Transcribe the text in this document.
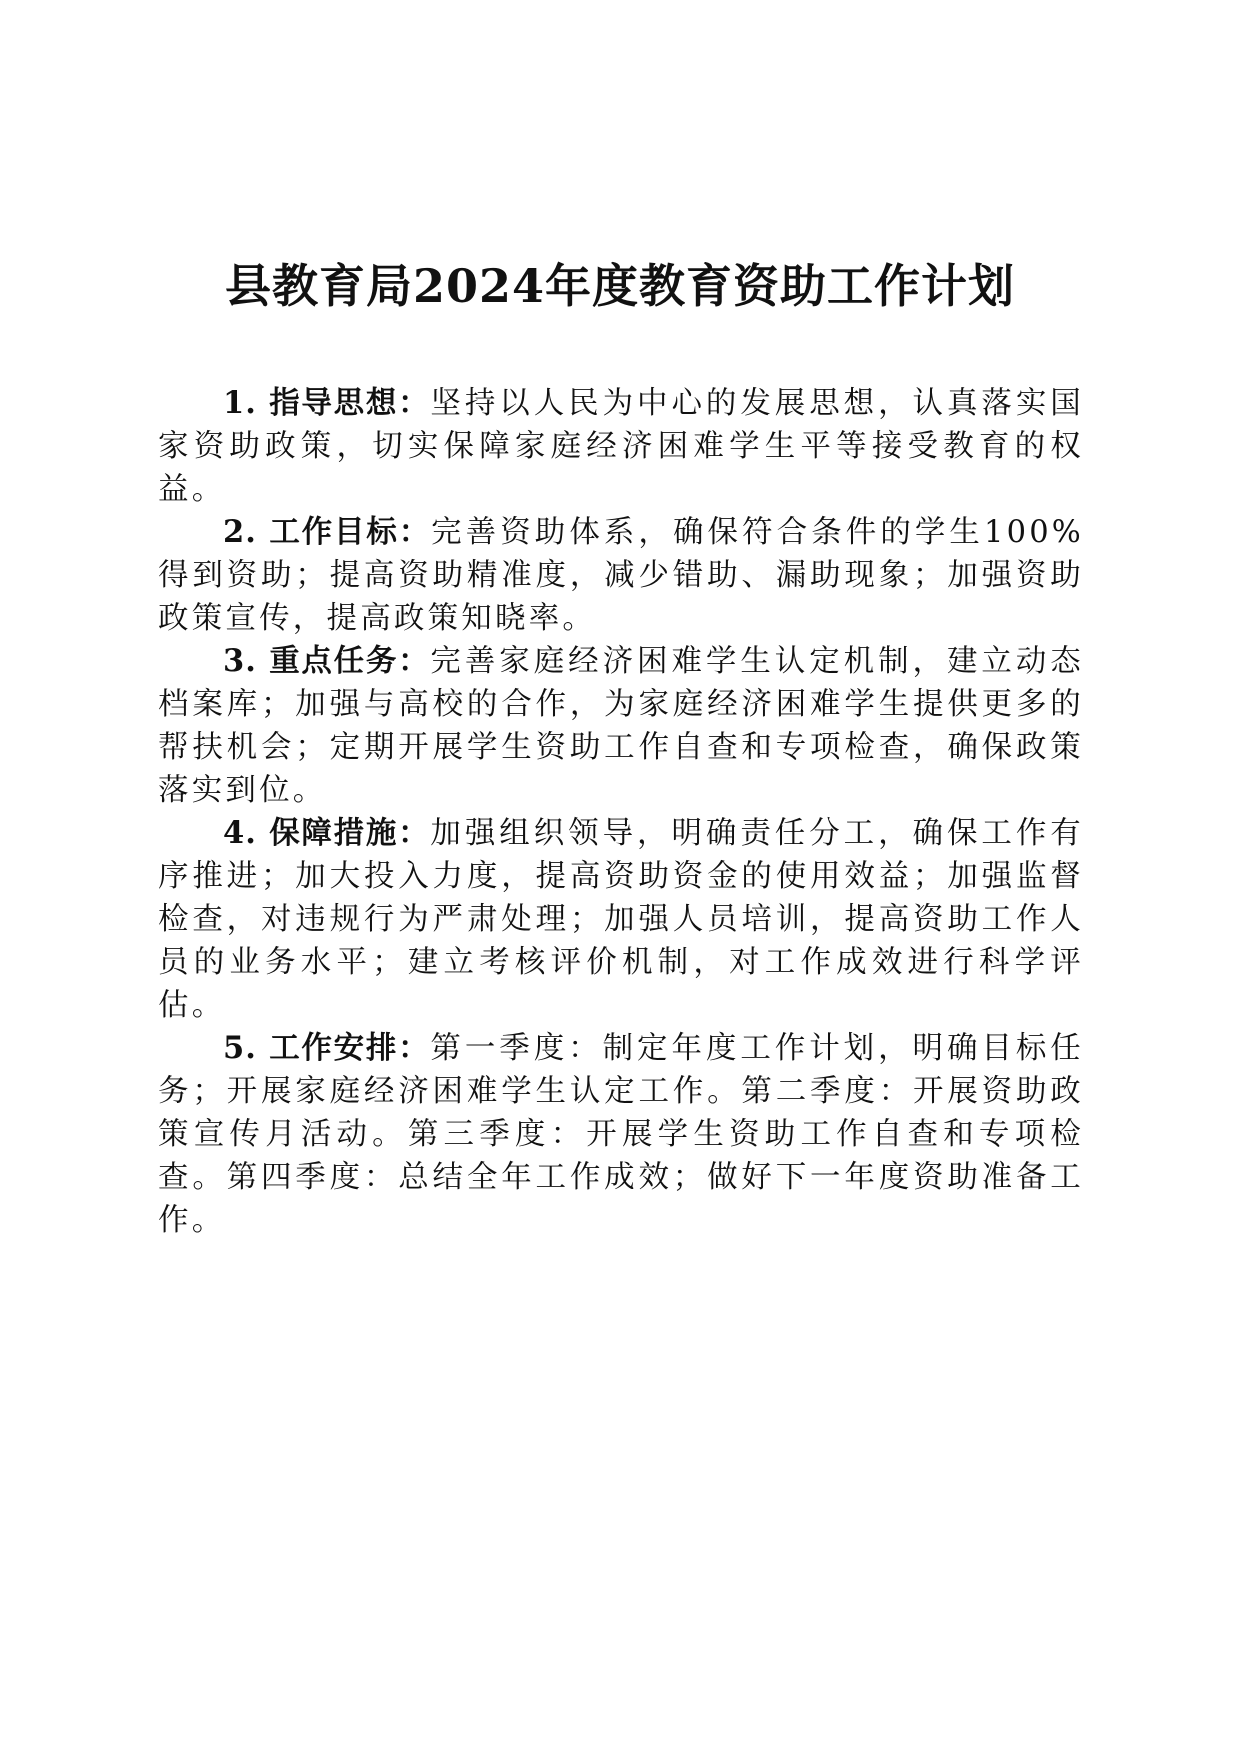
县教育局2024年度教育资助工作计划

1. 指导思想：坚持以人民为中心的发展思想，认真落实国家资助政策，切实保障家庭经济困难学生平等接受教育的权益。

2. 工作目标：完善资助体系，确保符合条件的学生100%得到资助；提高资助精准度，减少错助、漏助现象；加强资助政策宣传，提高政策知晓率。

3. 重点任务：完善家庭经济困难学生认定机制，建立动态档案库；加强与高校的合作，为家庭经济困难学生提供更多的帮扶机会；定期开展学生资助工作自查和专项检查，确保政策落实到位。

4. 保障措施：加强组织领导，明确责任分工，确保工作有序推进；加大投入力度，提高资助资金的使用效益；加强监督检查，对违规行为严肃处理；加强人员培训，提高资助工作人员的业务水平；建立考核评价机制，对工作成效进行科学评估。

5. 工作安排：第一季度：制定年度工作计划，明确目标任务；开展家庭经济困难学生认定工作。第二季度：开展资助政策宣传月活动。第三季度：开展学生资助工作自查和专项检查。第四季度：总结全年工作成效；做好下一年度资助准备工作。
